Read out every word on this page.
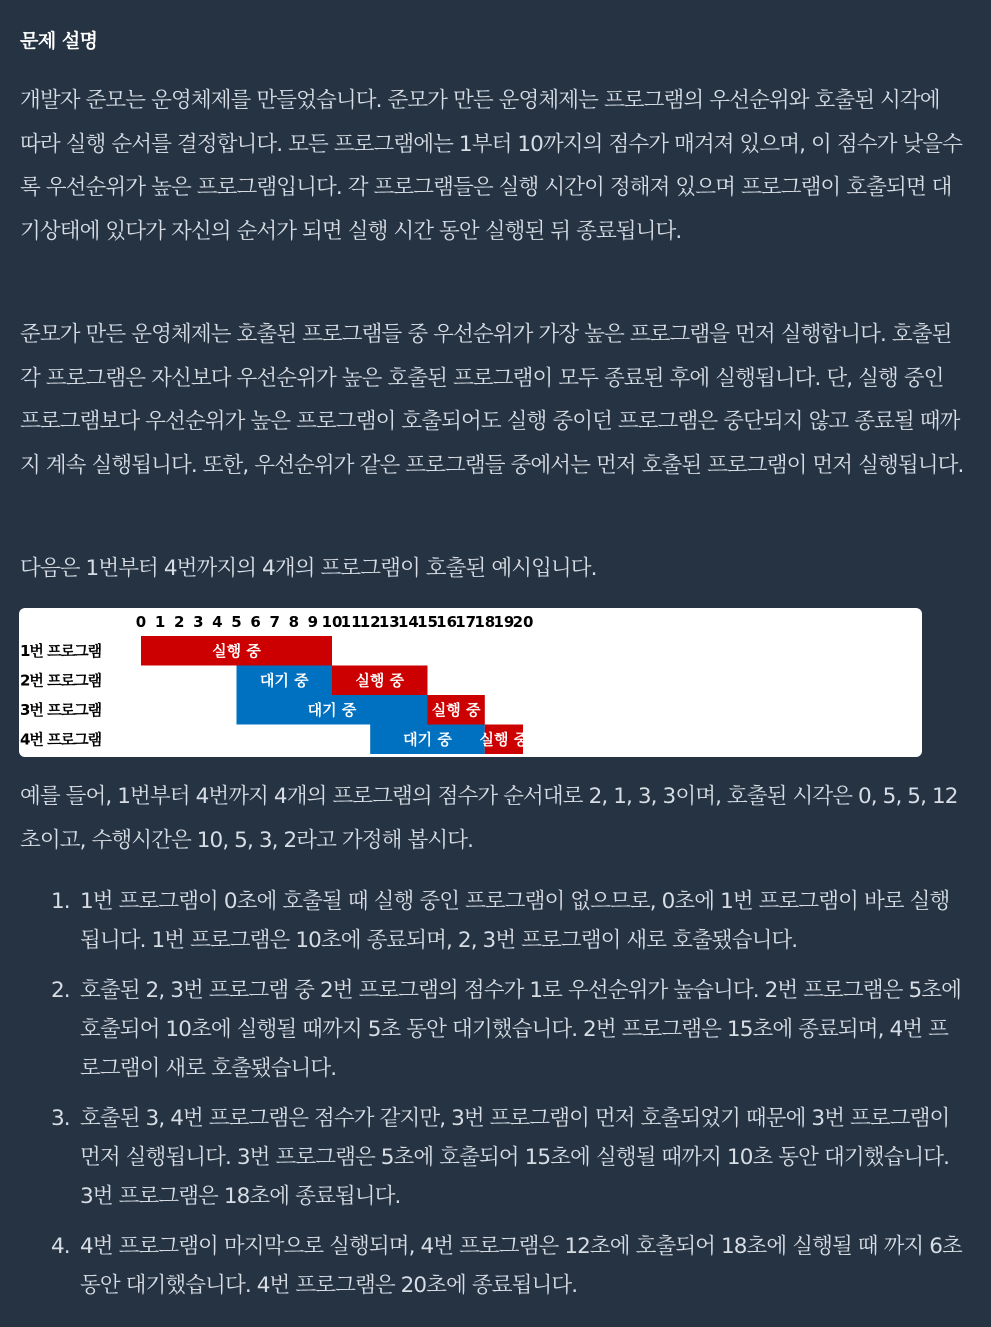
문제 설명

개발자 준모는 운영체제를 만들었습니다. 준모가 만든 운영체제는 프로그램의 우선순위와 호출된 시각에 따라 실행 순서를 결정합니다. 모든 프로그램에는 1부터 10까지의 점수가 매겨져 있으며, 이 점수가 낮을수록 우선순위가 높은 프로그램입니다. 각 프로그램들은 실행 시간이 정해져 있으며 프로그램이 호출되면 대기상태에 있다가 자신의 순서가 되면 실행 시간 동안 실행된 뒤 종료됩니다.

준모가 만든 운영체제는 호출된 프로그램들 중 우선순위가 가장 높은 프로그램을 먼저 실행합니다. 호출된 각 프로그램은 자신보다 우선순위가 높은 호출된 프로그램이 모두 종료된 후에 실행됩니다. 단, 실행 중인 프로그램보다 우선순위가 높은 프로그램이 호출되어도 실행 중이던 프로그램은 중단되지 않고 종료될 때까지 계속 실행됩니다. 또한, 우선순위가 같은 프로그램들 중에서는 먼저 호출된 프로그램이 먼저 실행됩니다.

다음은 1번부터 4번까지의 4개의 프로그램이 호출된 예시입니다.

0 1 2 3 4 5 6 7 8 9 10
11
12
13
14
15
16
17
18
19
20
1번 프로그램	실행 중
2번 프로그램	대기 중	실행 중
3번 프로그램	대기 중	실행 중
4번 프로그램	대기 중 실행 중

예를 들어, 1번부터 4번까지 4개의 프로그램의 점수가 순서대로 2, 1, 3, 3이며, 호출된 시각은 0, 5, 5, 12초이고, 수행시간은 10, 5, 3, 2라고 가정해 봅시다.

1. 1번 프로그램이 0초에 호출될 때 실행 중인 프로그램이 없으므로, 0초에 1번 프로그램이 바로 실행됩니다. 1번 프로그램은 10초에 종료되며, 2, 3번 프로그램이 새로 호출됐습니다.
2. 호출된 2, 3번 프로그램 중 2번 프로그램의 점수가 1로 우선순위가 높습니다. 2번 프로그램은 5초에 호출되어 10초에 실행될 때까지 5초 동안 대기했습니다. 2번 프로그램은 15초에 종료되며, 4번 프로그램이 새로 호출됐습니다.
3. 호출된 3, 4번 프로그램은 점수가 같지만, 3번 프로그램이 먼저 호출되었기 때문에 3번 프로그램이 먼저 실행됩니다. 3번 프로그램은 5초에 호출되어 15초에 실행될 때까지 10초 동안 대기했습니다. 3번 프로그램은 18초에 종료됩니다.
4. 4번 프로그램이 마지막으로 실행되며, 4번 프로그램은 12초에 호출되어 18초에 실행될 때 까지 6초 동안 대기했습니다. 4번 프로그램은 20초에 종료됩니다.
